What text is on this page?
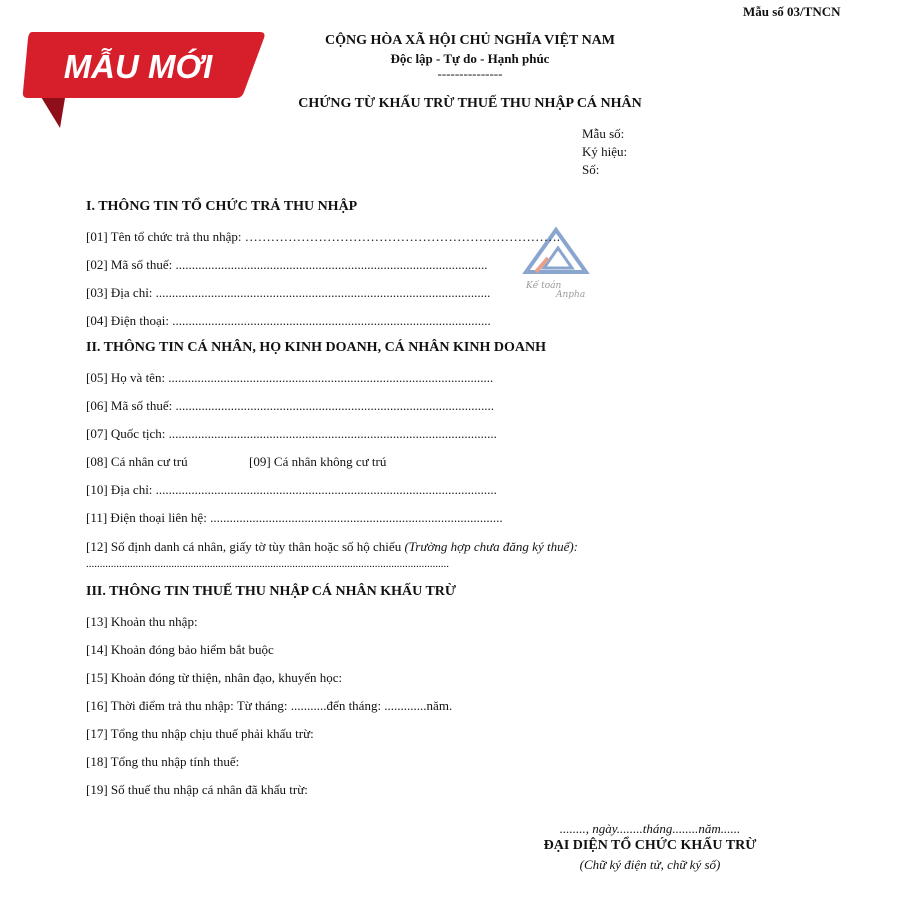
Mẫu số 03/TNCN
MẪU MỚI
CỘNG HÒA XÃ HỘI CHỦ NGHĨA VIỆT NAM
Độc lập - Tự do - Hạnh phúc
---------------
CHỨNG TỪ KHẤU TRỪ THUẾ THU NHẬP CÁ NHÂN
Mẫu số:
Ký hiệu:
Số:
Kế toán
Anpha
I. THÔNG TIN TỔ CHỨC TRẢ THU NHẬP
[01] Tên tổ chức trả thu nhập: ……………………………………………………………….
[02] Mã số thuế: ................................................................................................
[03] Địa chỉ: .......................................................................................................
[04] Điện thoại: ..................................................................................................
II. THÔNG TIN CÁ NHÂN, HỌ KINH DOANH, CÁ NHÂN KINH DOANH
[05] Họ và tên: ....................................................................................................
[06] Mã số thuế: ..................................................................................................
[07] Quốc tịch: .....................................................................................................
[08] Cá nhân cư trú	[09] Cá nhân không cư trú
[10] Địa chỉ: .........................................................................................................
[11] Điện thoại liên hệ: ..........................................................................................
[12] Số định danh cá nhân, giấy tờ tùy thân hoặc số hộ chiếu (Trường hợp chưa đăng ký thuế):
....................................................................................................................................
III. THÔNG TIN THUẾ THU NHẬP CÁ NHÂN KHẤU TRỪ
[13] Khoản thu nhập:
[14] Khoản đóng bảo hiểm bắt buộc
[15] Khoản đóng từ thiện, nhân đạo, khuyến học:
[16] Thời điểm trả thu nhập: Từ tháng: ...........đến tháng: .............năm.
[17] Tổng thu nhập chịu thuế phải khấu trừ:
[18] Tổng thu nhập tính thuế:
[19] Số thuế thu nhập cá nhân đã khấu trừ:
........, ngày........tháng........năm......
ĐẠI DIỆN TỔ CHỨC KHẤU TRỪ
(Chữ ký điện tử, chữ ký số)
